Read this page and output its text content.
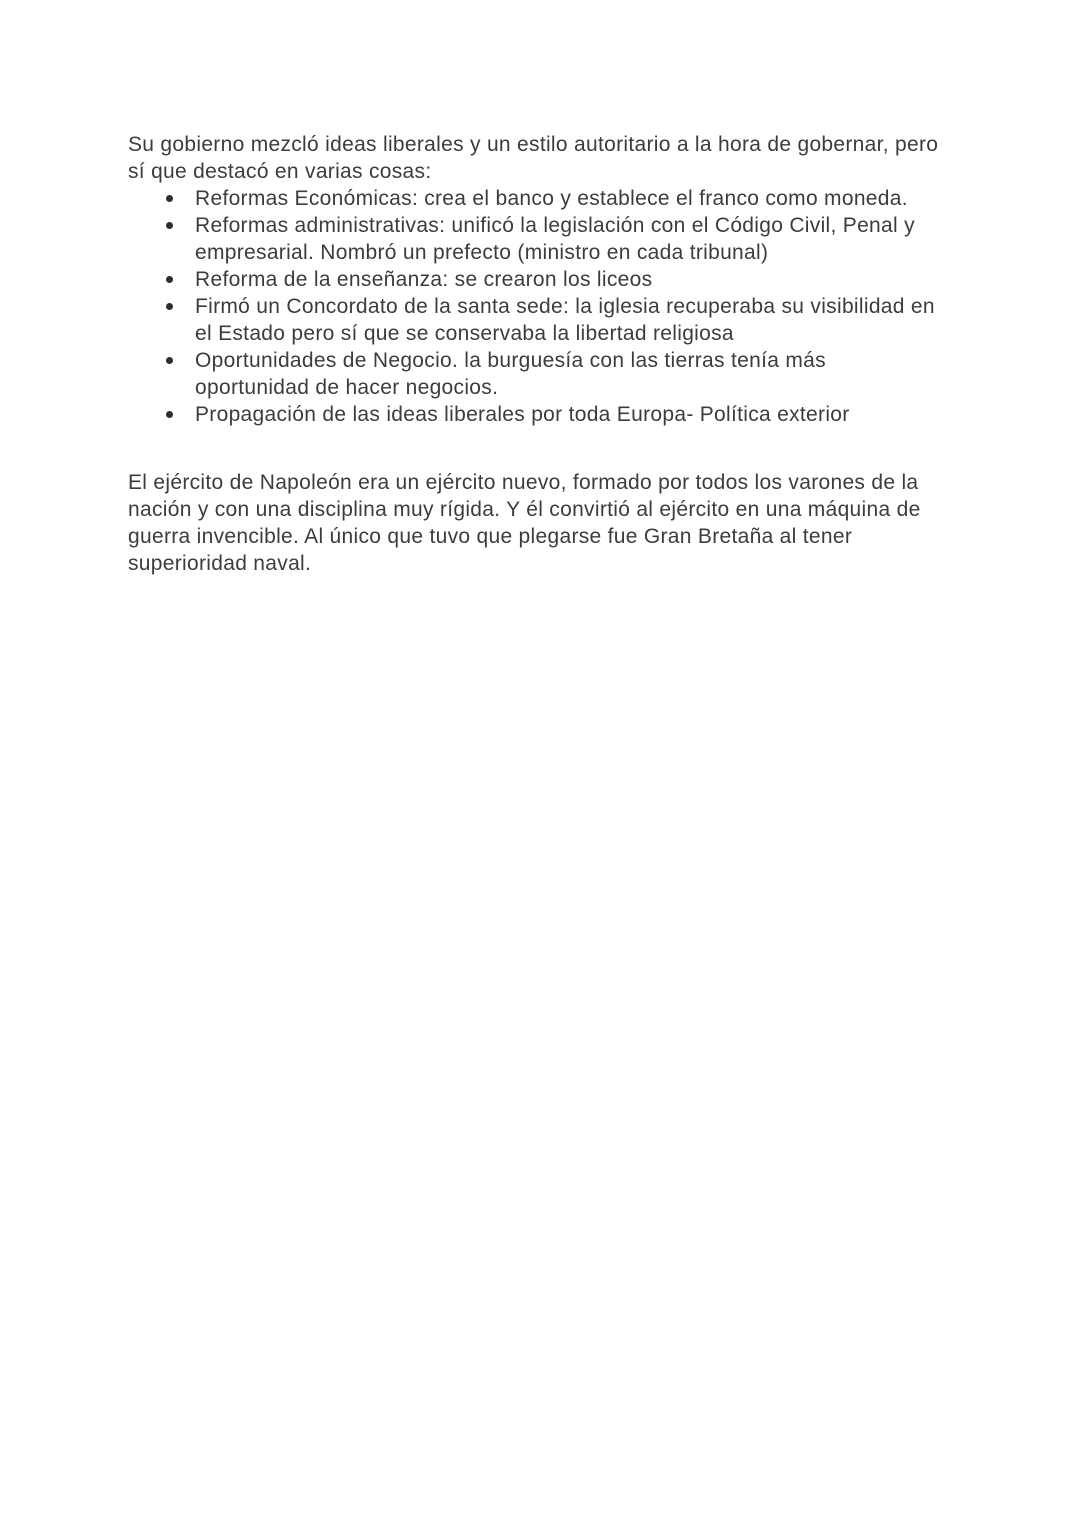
Su gobierno mezcló ideas liberales y un estilo autoritario a la hora de gobernar, pero sí que destacó en varias cosas:

Reformas Económicas: crea el banco y establece el franco como moneda.
Reformas administrativas: unificó la legislación con el Código Civil, Penal y empresarial. Nombró un prefecto (ministro en cada tribunal)
Reforma de la enseñanza: se crearon los liceos
Firmó un Concordato de la santa sede: la iglesia recuperaba su visibilidad en el Estado pero sí que se conservaba la libertad religiosa
Oportunidades de Negocio. la burguesía con las tierras tenía más oportunidad de hacer negocios.
Propagación de las ideas liberales por toda Europa- Política exterior

El ejército de Napoleón era un ejército nuevo, formado por todos los varones de la nación y con una disciplina muy rígida. Y él convirtió al ejército en una máquina de guerra invencible. Al único que tuvo que plegarse fue Gran Bretaña al tener superioridad naval.
